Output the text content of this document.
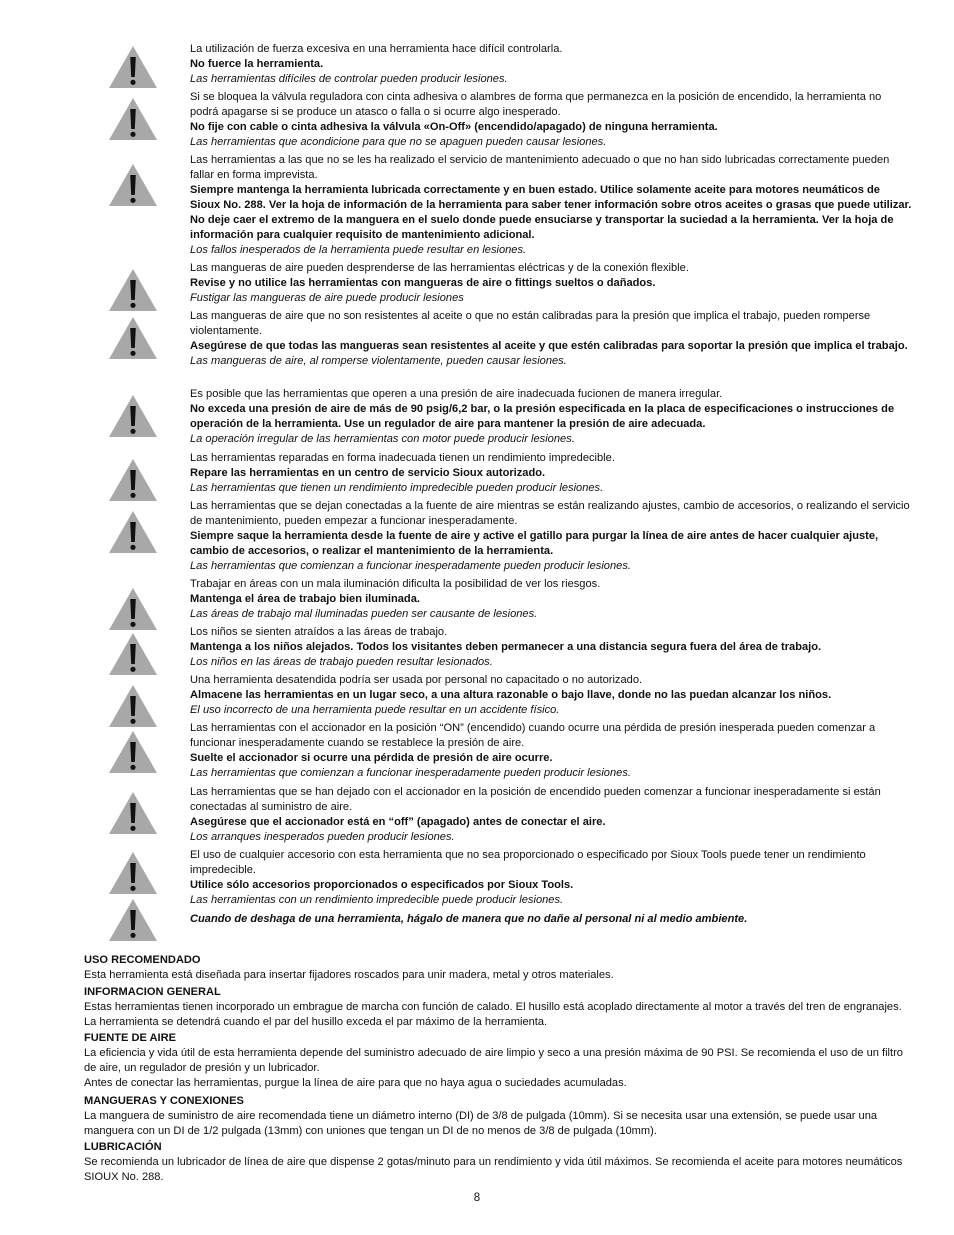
La utilización de fuerza excesiva en una herramienta hace difícil controlarla.

No fuerce la herramienta.

Las herramientas difíciles de controlar pueden producir lesiones.

Si se bloquea la válvula reguladora con cinta adhesiva o alambres de forma que permanezca en la posición de encendido, la herramienta no podrá apagarse si se produce un atasco o falla o si ocurre algo inesperado.

No fije con cable o cinta adhesiva la válvula «On-Off» (encendido/apagado) de ninguna herramienta.

Las herramientas que acondicione para que no se apaguen pueden causar lesiones.

Las herramientas a las que no se les ha realizado el servicio de mantenimiento adecuado o que no han sido lubricadas correctamente pueden fallar en forma imprevista.

Siempre mantenga la herramienta lubricada correctamente y en buen estado. Utilice solamente aceite para motores neumáticos de Sioux No. 288. Ver la hoja de información de la herramienta para saber tener información sobre otros aceites o grasas que puede utilizar. No deje caer el extremo de la manguera en el suelo donde puede ensuciarse y transportar la suciedad a la herramienta. Ver la hoja de información para cualquier requisito de mantenimiento adicional.

Los fallos inesperados de la herramienta puede resultar en lesiones.

Las mangueras de aire pueden desprenderse de las herramientas eléctricas y de la conexión flexible.

Revise y no utilice las herramientas con mangueras de aire o fittings sueltos o dañados.

Fustigar las mangueras de aire puede producir lesiones

Las mangueras de aire que no son resistentes al aceite o que no están calibradas para la presión que implica el trabajo, pueden romperse violentamente.

Asegúrese de que todas las mangueras sean resistentes al aceite y que estén calibradas para soportar la presión que implica el trabajo.

Las mangueras de aire, al romperse violentamente, pueden causar lesiones.

Es posible que las herramientas que operen a una presión de aire inadecuada fucionen de manera irregular.

No exceda una presión de aire de más de 90 psig/6,2 bar, o la presión especificada en la placa de especificaciones o instrucciones de operación de la herramienta. Use un regulador de aire para mantener la presión de aire adecuada.

La operación irregular de las herramientas con motor puede producir lesiones.

Las herramientas reparadas en forma inadecuada tienen un rendimiento impredecible.

Repare las herramientas en un centro de servicio Sioux autorizado.

Las herramientas que tienen un rendimiento impredecible pueden producir lesiones.

Las herramientas que se dejan conectadas a la fuente de aire mientras se están realizando ajustes, cambio de accesorios, o realizando el servicio de mantenimiento, pueden empezar a funcionar inesperadamente.

Siempre saque la herramienta desde la fuente de aire y active el gatillo para purgar la línea de aire antes de hacer cualquier ajuste, cambio de accesorios, o realizar el mantenimiento de la herramienta.

Las herramientas que comienzan a funcionar inesperadamente pueden producir lesiones.

Trabajar en áreas con un mala iluminación dificulta la posibilidad de ver los riesgos.

Mantenga el área de trabajo bien iluminada.

Las áreas de trabajo mal iluminadas pueden ser causante de lesiones.

Los niños se sienten atraídos a las áreas de trabajo.

Mantenga a los niños alejados. Todos los visitantes deben permanecer a una distancia segura fuera del área de trabajo.

Los niños en las áreas de trabajo pueden resultar lesionados.

Una herramienta desatendida podría ser usada por personal no capacitado o no autorizado.

Almacene las herramientas en un lugar seco, a una altura razonable o bajo llave, donde no las puedan alcanzar los niños.

El uso incorrecto de una herramienta puede resultar en un accidente físico.

Las herramientas con el accionador en la posición “ON” (encendido) cuando ocurre una pérdida de presión inesperada pueden comenzar a funcionar inesperadamente cuando se restablece la presión de aire.

Suelte el accionador si ocurre una pérdida de presión de aire ocurre.

Las herramientas que comienzan a funcionar inesperadamente pueden producir lesiones.

Las herramientas que se han dejado con el accionador en la posición de encendido pueden comenzar a funcionar inesperadamente si están conectadas al suministro de aire.

Asegúrese que el accionador está en “off” (apagado) antes de conectar el aire.

Los arranques inesperados pueden producir lesiones.

El uso de cualquier accesorio con esta herramienta que no sea proporcionado o especificado por Sioux Tools puede tener un rendimiento impredecible.

Utilice sólo accesorios proporcionados o especificados por Sioux Tools.

Las herramientas con un rendimiento impredecible puede producir lesiones.

Cuando de deshaga de una herramienta, hágalo de manera que no dañe al personal ni al medio ambiente.

USO RECOMENDADO

Esta herramienta está diseñada para insertar fijadores roscados para unir madera, metal y otros materiales.

INFORMACION GENERAL

Estas herramientas tienen incorporado un embrague de marcha con función de calado. El husillo está acoplado directamente al motor a través del tren de engranajes. La herramienta se detendrá cuando el par del husillo exceda el par máximo de la herramienta.

FUENTE DE AIRE

La eficiencia y vida útil de esta herramienta depende del suministro adecuado de aire limpio y seco a una presión máxima de 90 PSI. Se recomienda el uso de un filtro de aire, un regulador de presión y un lubricador.

Antes de conectar las herramientas, purgue la línea de aire para que no haya agua o suciedades acumuladas.

MANGUERAS Y CONEXIONES

La manguera de suministro de aire recomendada tiene un diámetro interno (DI) de 3/8 de pulgada (10mm). Si se necesita usar una extensión, se puede usar una manguera con un DI de 1/2 pulgada (13mm) con uniones que tengan un DI de no menos de 3/8 de pulgada (10mm).

LUBRICACIÓN

Se recomienda un lubricador de línea de aire que dispense 2 gotas/minuto para un rendimiento y vida útil máximos. Se recomienda el aceite para motores neumáticos SIOUX No. 288.

8
